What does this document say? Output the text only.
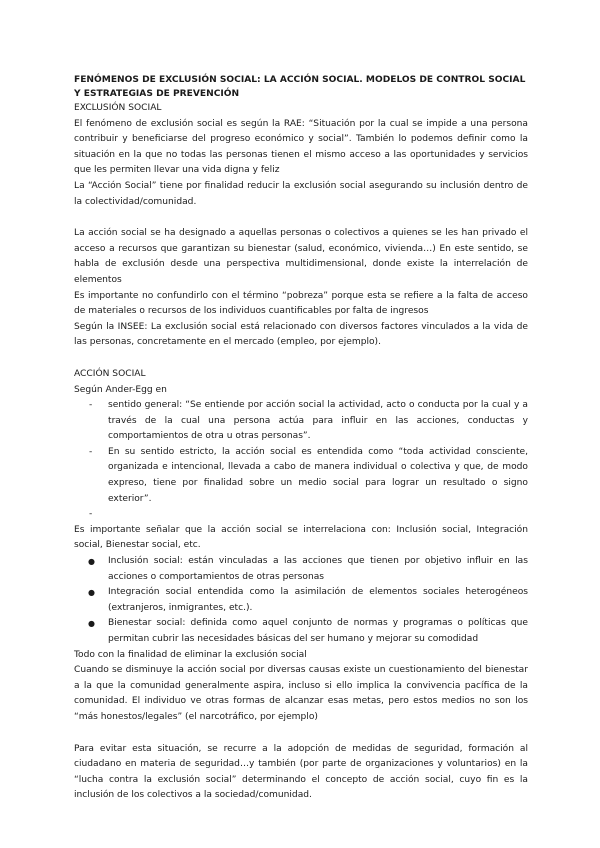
FENÓMENOS DE EXCLUSIÓN SOCIAL: LA ACCIÓN SOCIAL. MODELOS DE CONTROL SOCIAL Y ESTRATEGIAS DE PREVENCIÓN

EXCLUSIÓN SOCIAL

El fenómeno de exclusión social es según la RAE: “Situación por la cual se impide a una persona contribuir y beneficiarse del progreso económico y social”. También lo podemos definir como la situación en la que no todas las personas tienen el mismo acceso a las oportunidades y servicios que les permiten llevar una vida digna y feliz

La “Acción Social” tiene por finalidad reducir la exclusión social asegurando su inclusión dentro de la colectividad/comunidad.

La acción social se ha designado a aquellas personas o colectivos a quienes se les han privado el acceso a recursos que garantizan su bienestar (salud, económico, vivienda…) En este sentido, se habla de exclusión desde una perspectiva multidimensional, donde existe la interrelación de elementos

Es importante no confundirlo con el término “pobreza” porque esta se refiere a la falta de acceso de materiales o recursos de los individuos cuantificables por falta de ingresos

Según la INSEE: La exclusión social está relacionado con diversos factores vinculados a la vida de las personas, concretamente en el mercado (empleo, por ejemplo).

ACCIÓN SOCIAL

Según Ander-Egg en

- sentido general: “Se entiende por acción social la actividad, acto o conducta por la cual y a través de la cual una persona actúa para influir en las acciones, conductas y comportamientos de otra u otras personas”.
- En su sentido estricto, la acción social es entendida como “toda actividad consciente, organizada e intencional, llevada a cabo de manera individual o colectiva y que, de modo expreso, tiene por finalidad sobre un medio social para lograr un resultado o signo exterior”.
-

Es importante señalar que la acción social se interrelaciona con: Inclusión social, Integración social, Bienestar social, etc.

● Inclusión social: están vinculadas a las acciones que tienen por objetivo influir en las acciones o comportamientos de otras personas
● Integración social entendida como la asimilación de elementos sociales heterogéneos (extranjeros, inmigrantes, etc.).
● Bienestar social: definida como aquel conjunto de normas y programas o políticas que permitan cubrir las necesidades básicas del ser humano y mejorar su comodidad

Todo con la finalidad de eliminar la exclusión social

Cuando se disminuye la acción social por diversas causas existe un cuestionamiento del bienestar a la que la comunidad generalmente aspira, incluso si ello implica la convivencia pacífica de la comunidad. El individuo ve otras formas de alcanzar esas metas, pero estos medios no son los “más honestos/legales” (el narcotráfico, por ejemplo)

Para evitar esta situación, se recurre a la adopción de medidas de seguridad, formación al ciudadano en materia de seguridad…y también (por parte de organizaciones y voluntarios) en la “lucha contra la exclusión social” determinando el concepto de acción social, cuyo fin es la inclusión de los colectivos a la sociedad/comunidad.
